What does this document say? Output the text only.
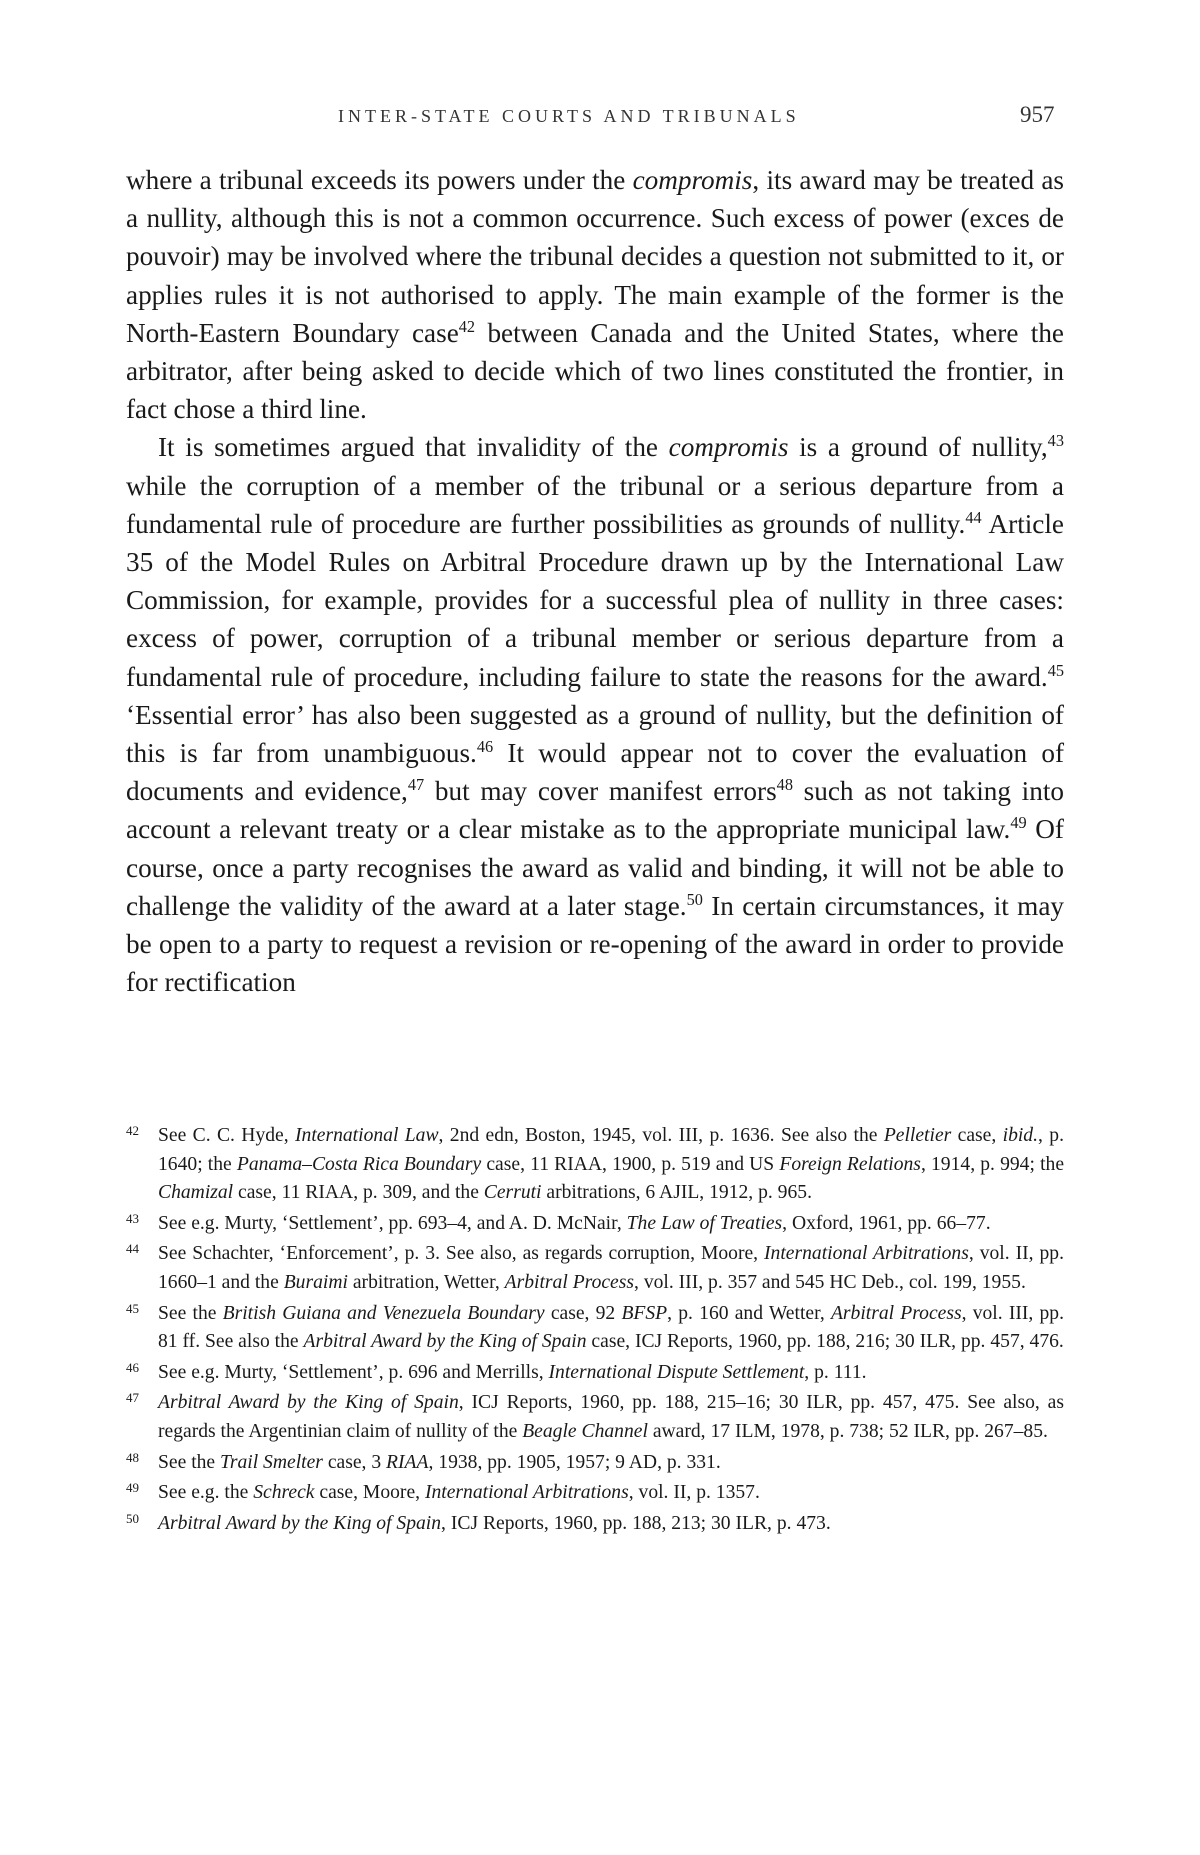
INTER-STATE COURTS AND TRIBUNALS	957

where a tribunal exceeds its powers under the compromis, its award may be treated as a nullity, although this is not a common occurrence. Such excess of power (exces de pouvoir) may be involved where the tribunal decides a question not submitted to it, or applies rules it is not authorised to apply. The main example of the former is the North-Eastern Boundary case$^{42}$ between Canada and the United States, where the arbitrator, after being asked to decide which of two lines constituted the frontier, in fact chose a third line.

It is sometimes argued that invalidity of the compromis is a ground of nullity,$^{43}$ while the corruption of a member of the tribunal or a serious departure from a fundamental rule of procedure are further possibilities as grounds of nullity.$^{44}$ Article 35 of the Model Rules on Arbitral Procedure drawn up by the International Law Commission, for example, provides for a successful plea of nullity in three cases: excess of power, corruption of a tribunal member or serious departure from a fundamental rule of procedure, including failure to state the reasons for the award.$^{45}$ ‘Essential error’ has also been suggested as a ground of nullity, but the definition of this is far from unambiguous.$^{46}$ It would appear not to cover the evaluation of documents and evidence,$^{47}$ but may cover manifest errors$^{48}$ such as not taking into account a relevant treaty or a clear mistake as to the appropriate municipal law.$^{49}$ Of course, once a party recognises the award as valid and binding, it will not be able to challenge the validity of the award at a later stage.$^{50}$ In certain circumstances, it may be open to a party to request a revision or re-opening of the award in order to provide for rectification

42 See C. C. Hyde, International Law, 2nd edn, Boston, 1945, vol. III, p. 1636. See also the Pelletier case, ibid., p. 1640; the Panama–Costa Rica Boundary case, 11 RIAA, 1900, p. 519 and US Foreign Relations, 1914, p. 994; the Chamizal case, 11 RIAA, p. 309, and the Cerruti arbitrations, 6 AJIL, 1912, p. 965.
43 See e.g. Murty, ‘Settlement’, pp. 693–4, and A. D. McNair, The Law of Treaties, Oxford, 1961, pp. 66–77.
44 See Schachter, ‘Enforcement’, p. 3. See also, as regards corruption, Moore, International Arbitrations, vol. II, pp. 1660–1 and the Buraimi arbitration, Wetter, Arbitral Process, vol. III, p. 357 and 545 HC Deb., col. 199, 1955.
45 See the British Guiana and Venezuela Boundary case, 92 BFSP, p. 160 and Wetter, Arbitral Process, vol. III, pp. 81 ff. See also the Arbitral Award by the King of Spain case, ICJ Reports, 1960, pp. 188, 216; 30 ILR, pp. 457, 476.
46 See e.g. Murty, ‘Settlement’, p. 696 and Merrills, International Dispute Settlement, p. 111.
47 Arbitral Award by the King of Spain, ICJ Reports, 1960, pp. 188, 215–16; 30 ILR, pp. 457, 475. See also, as regards the Argentinian claim of nullity of the Beagle Channel award, 17 ILM, 1978, p. 738; 52 ILR, pp. 267–85.
48 See the Trail Smelter case, 3 RIAA, 1938, pp. 1905, 1957; 9 AD, p. 331.
49 See e.g. the Schreck case, Moore, International Arbitrations, vol. II, p. 1357.
50 Arbitral Award by the King of Spain, ICJ Reports, 1960, pp. 188, 213; 30 ILR, p. 473.
